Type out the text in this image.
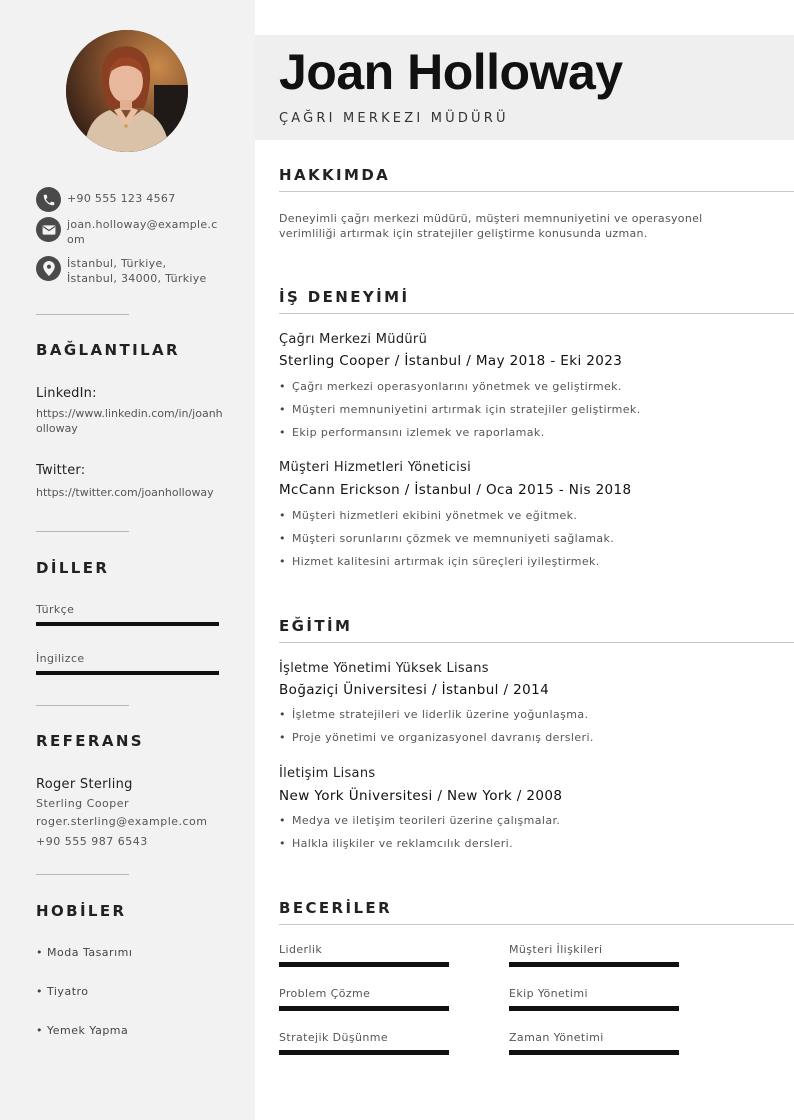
+90 555 123 4567
joan.holloway@example.com
İstanbul, Türkiye, İstanbul, 34000, Türkiye
BAĞLANTILAR
LinkedIn:
https://www.linkedin.com/in/joanholloway
Twitter:
https://twitter.com/joanholloway
DİLLER
Türkçe
İngilizce
REFERANS
Roger Sterling
Sterling Cooper
roger.sterling@example.com
+90 555 987 6543
HOBİLER
• Moda Tasarımı
• Tiyatro
• Yemek Yapma
Joan Holloway
ÇAĞRI MERKEZI MÜDÜRÜ
HAKKIMDA
Deneyimli çağrı merkezi müdürü, müşteri memnuniyetini ve operasyonel verimliliği artırmak için stratejiler geliştirme konusunda uzman.
İŞ DENEYİMİ
Çağrı Merkezi Müdürü
Sterling Cooper / İstanbul / May 2018 - Eki 2023
• Çağrı merkezi operasyonlarını yönetmek ve geliştirmek.
• Müşteri memnuniyetini artırmak için stratejiler geliştirmek.
• Ekip performansını izlemek ve raporlamak.
Müşteri Hizmetleri Yöneticisi
McCann Erickson / İstanbul / Oca 2015 - Nis 2018
• Müşteri hizmetleri ekibini yönetmek ve eğitmek.
• Müşteri sorunlarını çözmek ve memnuniyeti sağlamak.
• Hizmet kalitesini artırmak için süreçleri iyileştirmek.
EĞİTİM
İşletme Yönetimi Yüksek Lisans
Boğaziçi Üniversitesi / İstanbul / 2014
• İşletme stratejileri ve liderlik üzerine yoğunlaşma.
• Proje yönetimi ve organizasyonel davranış dersleri.
İletişim Lisans
New York Üniversitesi / New York / 2008
• Medya ve iletişim teorileri üzerine çalışmalar.
• Halkla ilişkiler ve reklamcılık dersleri.
BECERİLER
Liderlik	Müşteri İlişkileri
Problem Çözme	Ekip Yönetimi
Stratejik Düşünme	Zaman Yönetimi
